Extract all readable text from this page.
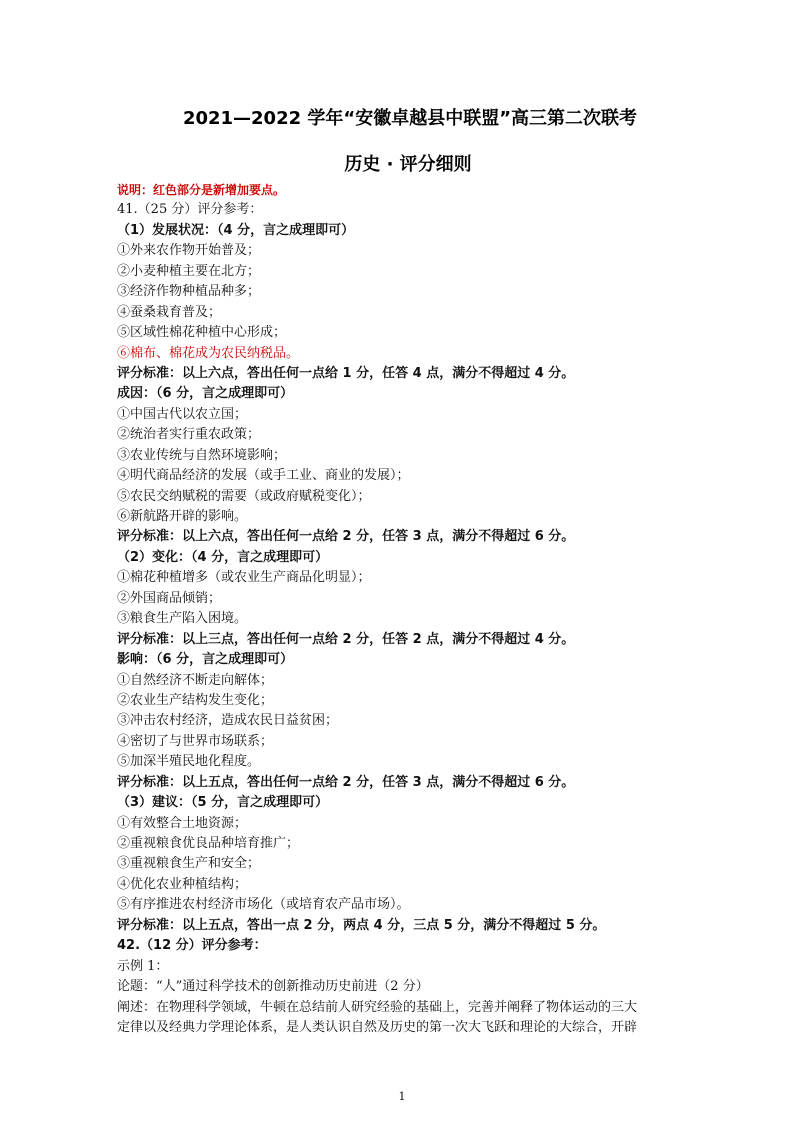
2021—2022 学年“安徽卓越县中联盟”高三第二次联考
历史 · 评分细则
说明：红色部分是新增加要点。
41.（25 分）评分参考：
（1）发展状况：（4 分，言之成理即可）
①外来农作物开始普及；
②小麦种植主要在北方；
③经济作物种植品种多；
④蚕桑栽育普及；
⑤区域性棉花种植中心形成；
⑥棉布、棉花成为农民纳税品。
评分标准：以上六点，答出任何一点给 1 分，任答 4 点，满分不得超过 4 分。
成因：（6 分，言之成理即可）
①中国古代以农立国；
②统治者实行重农政策；
③农业传统与自然环境影响；
④明代商品经济的发展（或手工业、商业的发展）；
⑤农民交纳赋税的需要（或政府赋税变化）；
⑥新航路开辟的影响。
评分标准：以上六点，答出任何一点给 2 分，任答 3 点，满分不得超过 6 分。
（2）变化：（4 分，言之成理即可）
①棉花种植增多（或农业生产商品化明显）；
②外国商品倾销；
③粮食生产陷入困境。
评分标准：以上三点，答出任何一点给 2 分，任答 2 点，满分不得超过 4 分。
影响：（6 分，言之成理即可）
①自然经济不断走向解体；
②农业生产结构发生变化；
③冲击农村经济，造成农民日益贫困；
④密切了与世界市场联系；
⑤加深半殖民地化程度。
评分标准：以上五点，答出任何一点给 2 分，任答 3 点，满分不得超过 6 分。
（3）建议：（5 分，言之成理即可）
①有效整合土地资源；
②重视粮食优良品种培育推广；
③重视粮食生产和安全；
④优化农业种植结构；
⑤有序推进农村经济市场化（或培育农产品市场）。
评分标准：以上五点，答出一点 2 分，两点 4 分，三点 5 分，满分不得超过 5 分。
42.（12 分）评分参考：
示例 1：
论题：“人”通过科学技术的创新推动历史前进（2 分）
阐述：在物理科学领域，牛顿在总结前人研究经验的基础上，完善并阐释了物体运动的三大
定律以及经典力学理论体系，是人类认识自然及历史的第一次大飞跃和理论的大综合，开辟
1
